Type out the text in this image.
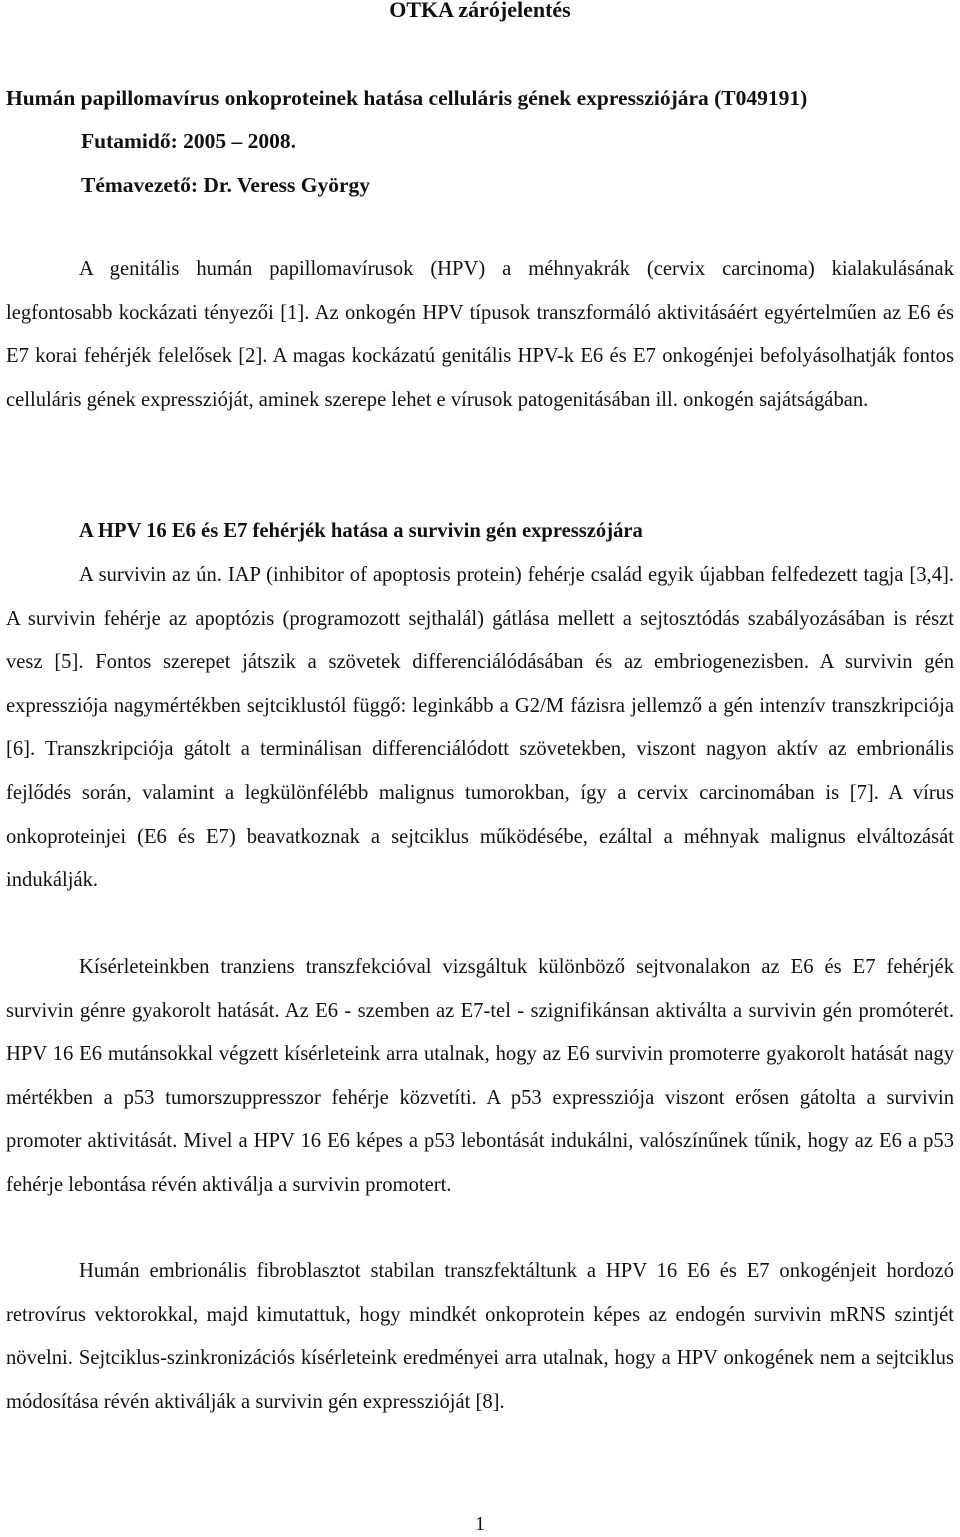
OTKA zárójelentés

Humán papillomavírus onkoproteinek hatása celluláris gének expressziójára (T049191)

Futamidő: 2005 – 2008.

Témavezető: Dr. Veress György

A genitális humán papillomavírusok (HPV) a méhnyakrák (cervix carcinoma) kialakulásának legfontosabb kockázati tényezői [1]. Az onkogén HPV típusok transzformáló aktivitásáért egyértelműen az E6 és E7 korai fehérjék felelősek [2]. A magas kockázatú genitális HPV-k E6 és E7 onkogénjei befolyásolhatják fontos celluláris gének expresszióját, aminek szerepe lehet e vírusok patogenitásában ill. onkogén sajátságában.

A HPV 16 E6 és E7 fehérjék hatása a survivin gén expresszójára

A survivin az ún. IAP (inhibitor of apoptosis protein) fehérje család egyik újabban felfedezett tagja [3,4]. A survivin fehérje az apoptózis (programozott sejthalál) gátlása mellett a sejtosztódás szabályozásában is részt vesz [5]. Fontos szerepet játszik a szövetek differenciálódásában és az embriogenezisben. A survivin gén expressziója nagymértékben sejtciklustól függő: leginkább a G2/M fázisra jellemző a gén intenzív transzkripciója [6]. Transzkripciója gátolt a terminálisan differenciálódott szövetekben, viszont nagyon aktív az embrionális fejlődés során, valamint a legkülönfélébb malignus tumorokban, így a cervix carcinomában is [7]. A vírus onkoproteinjei (E6 és E7) beavatkoznak a sejtciklus működésébe, ezáltal a méhnyak malignus elváltozását indukálják.

Kísérleteinkben tranziens transzfekcióval vizsgáltuk különböző sejtvonalakon az E6 és E7 fehérjék survivin génre gyakorolt hatását. Az E6 - szemben az E7-tel - szignifikánsan aktiválta a survivin gén promóterét. HPV 16 E6 mutánsokkal végzett kísérleteink arra utalnak, hogy az E6 survivin promoterre gyakorolt hatását nagy mértékben a p53 tumorszuppresszor fehérje közvetíti. A p53 expressziója viszont erősen gátolta a survivin promoter aktivitását. Mivel a HPV 16 E6 képes a p53 lebontását indukálni, valószínűnek tűnik, hogy az E6 a p53 fehérje lebontása révén aktiválja a survivin promotert.

Humán embrionális fibroblasztot stabilan transzfektáltunk a HPV 16 E6 és E7 onkogénjeit hordozó retrovírus vektorokkal, majd kimutattuk, hogy mindkét onkoprotein képes az endogén survivin mRNS szintjét növelni. Sejtciklus-szinkronizációs kísérleteink eredményei arra utalnak, hogy a HPV onkogének nem a sejtciklus módosítása révén aktiválják a survivin gén expresszióját [8].

1
